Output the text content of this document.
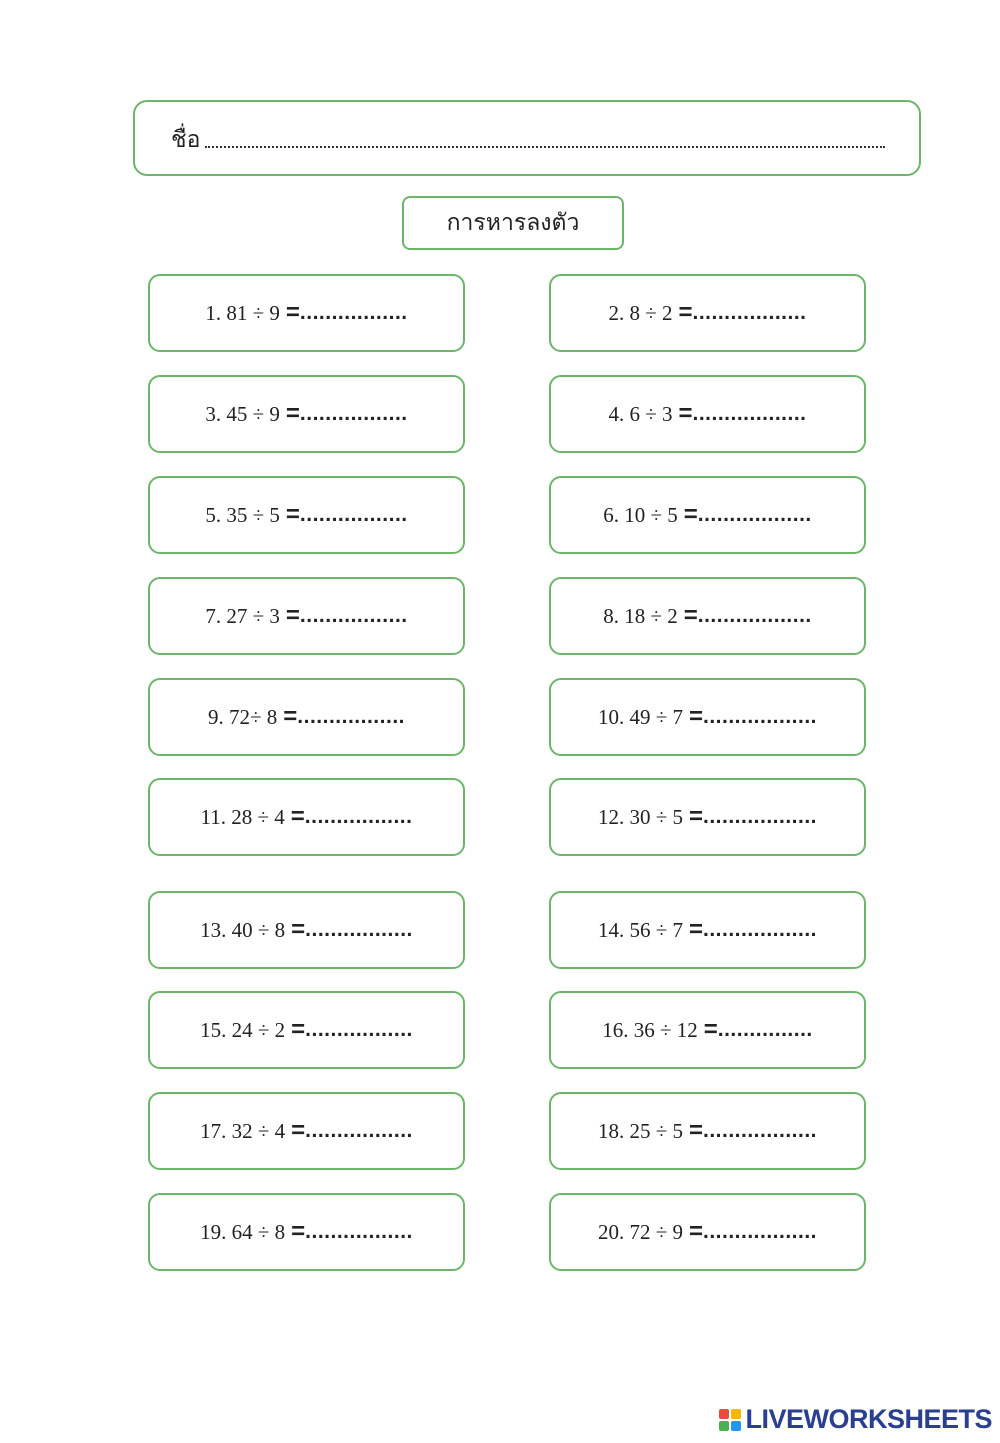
ชื่อ
การหารลงตัว
1. 81 ÷ 9 = .................	2. 8 ÷ 2 = ..................
3. 45 ÷ 9 = .................	4. 6 ÷ 3 = ..................
5. 35 ÷ 5 = .................	6. 10 ÷ 5 = ..................
7. 27 ÷ 3 = .................	8. 18 ÷ 2 = ..................
9. 72÷ 8 = .................	10. 49 ÷ 7 = ..................
11. 28 ÷ 4 = .................	12. 30 ÷ 5 = ..................
13. 40 ÷ 8 = .................	14. 56 ÷ 7 = ..................
15. 24 ÷ 2 = .................	16. 36 ÷ 12 = ...............
17. 32 ÷ 4 = .................	18. 25 ÷ 5 = ..................
19. 64 ÷ 8 = .................	20. 72 ÷ 9 = ..................
LIVEWORKSHEETS
